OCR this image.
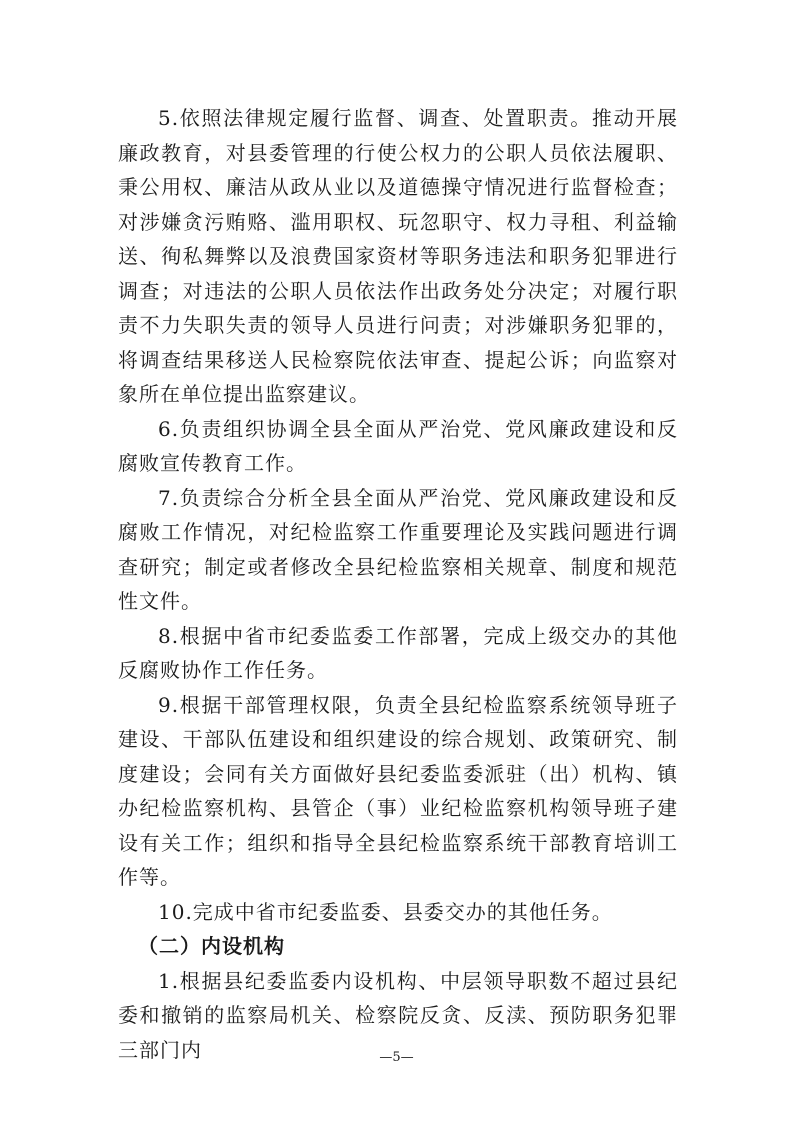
5.依照法律规定履行监督、调查、处置职责。推动开展廉政教育，对县委管理的行使公权力的公职人员依法履职、秉公用权、廉洁从政从业以及道德操守情况进行监督检查；对涉嫌贪污贿赂、滥用职权、玩忽职守、权力寻租、利益输送、徇私舞弊以及浪费国家资材等职务违法和职务犯罪进行调查；对违法的公职人员依法作出政务处分决定；对履行职责不力失职失责的领导人员进行问责；对涉嫌职务犯罪的，将调查结果移送人民检察院依法审查、提起公诉；向监察对象所在单位提出监察建议。

6.负责组织协调全县全面从严治党、党风廉政建设和反腐败宣传教育工作。

7.负责综合分析全县全面从严治党、党风廉政建设和反腐败工作情况，对纪检监察工作重要理论及实践问题进行调查研究；制定或者修改全县纪检监察相关规章、制度和规范性文件。

8.根据中省市纪委监委工作部署，完成上级交办的其他反腐败协作工作任务。

9.根据干部管理权限，负责全县纪检监察系统领导班子建设、干部队伍建设和组织建设的综合规划、政策研究、制度建设；会同有关方面做好县纪委监委派驻（出）机构、镇办纪检监察机构、县管企（事）业纪检监察机构领导班子建设有关工作；组织和指导全县纪检监察系统干部教育培训工作等。

10.完成中省市纪委监委、县委交办的其他任务。

（二）内设机构

1.根据县纪委监委内设机构、中层领导职数不超过县纪委和撤销的监察局机关、检察院反贪、反渎、预防职务犯罪三部门内	—5—
